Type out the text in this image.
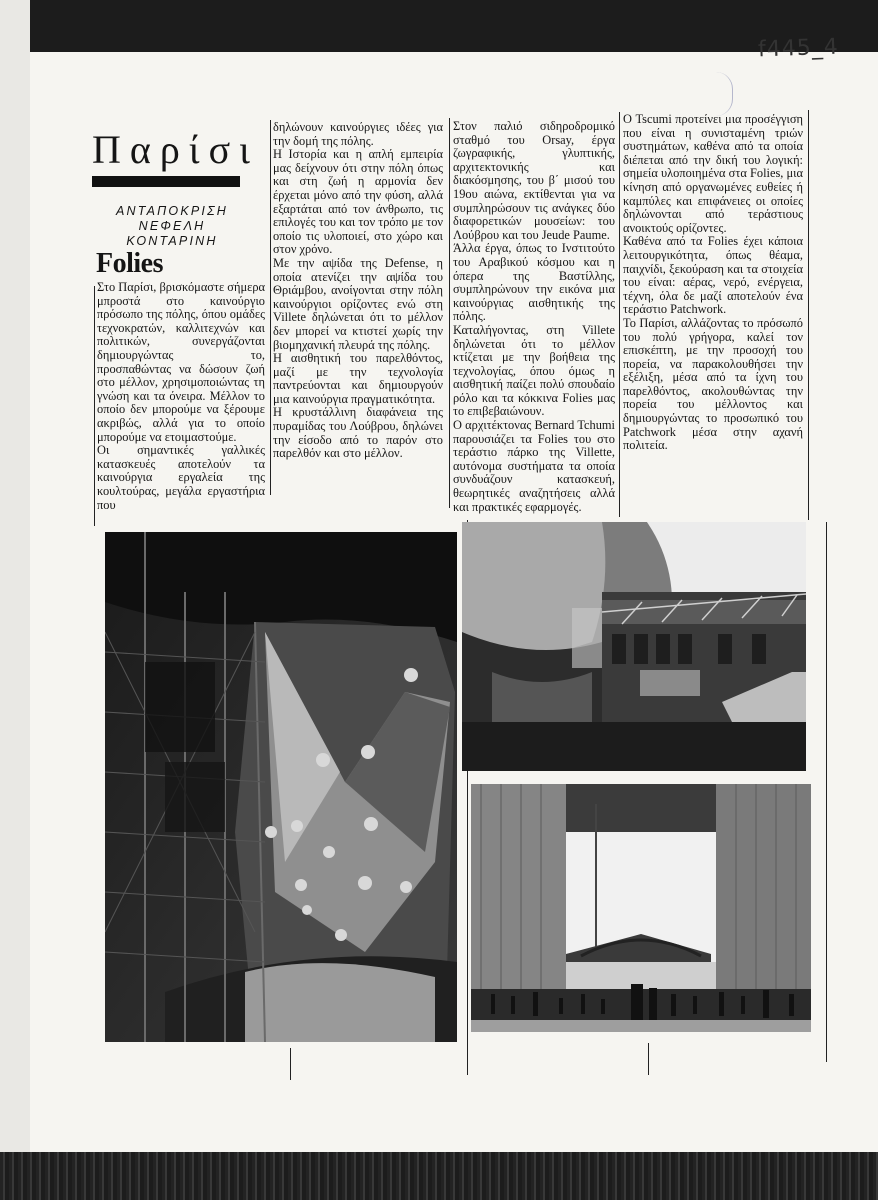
f445_4
Παρίσι
ΑΝΤΑΠΟΚΡΙΣΗ
ΝΕΦΕΛΗ ΚΟΝΤΑΡΙΝΗ
Folies

Στο Παρίσι, βρισκόμαστε σήμερα μπροστά στο καινούργιο πρόσωπο της πόλης, όπου ομάδες τεχνοκρατών, καλλιτεχνών και πολιτικών, συνεργάζονται δημιουργώντας το, προσπαθώντας να δώσουν ζωή στο μέλλον, χρησιμοποιώντας τη γνώση και τα όνειρα. Μέλλον το οποίο δεν μπορούμε να ξέρουμε ακριβώς, αλλά για το οποίο μπορούμε να ετοιμαστούμε.

Οι σημαντικές γαλλικές κατασκευές αποτελούν τα καινούργια εργαλεία της κουλτούρας, μεγάλα εργαστήρια που

δηλώνουν καινούργιες ιδέες για την δομή της πόλης.

Η Ιστορία και η απλή εμπειρία μας δείχνουν ότι στην πόλη όπως και στη ζωή η αρμονία δεν έρχεται μόνο από την φύση, αλλά εξαρτάται από τον άνθρωπο, τις επιλογές του και τον τρόπο με τον οποίο τις υλοποιεί, στο χώρο και στον χρόνο.

Με την αψίδα της Defense, η οποία ατενίζει την αψίδα του Θριάμβου, ανοίγονται στην πόλη καινούργιοι ορίζοντες ενώ στη Villete δηλώνεται ότι το μέλλον δεν μπορεί να κτιστεί χωρίς την βιομηχανική πλευρά της πόλης.

Η αισθητική του παρελθόντος, μαζί με την τεχνολογία παντρεύονται και δημιουργούν μια καινούργια πραγματικότητα.

Η κρυστάλλινη διαφάνεια της πυραμίδας του Λούβρου, δηλώνει την είσοδο από το παρόν στο παρελθόν και στο μέλλον.

Στον παλιό σιδηροδρομικό σταθμό του Orsay, έργα ζωγραφικής, γλυπτικής, αρχιτεκτονικής και διακόσμησης, του β΄ μισού του 19ου αιώνα, εκτίθενται για να συμπληρώσουν τις ανάγκες δύο διαφορετικών μουσείων: του Λούβρου και του Jeude Paume.

Άλλα έργα, όπως το Ινστιτούτο του Αραβικού κόσμου και η όπερα της Βαστίλλης, συμπληρώνουν την εικόνα μια καινούργιας αισθητικής της πόλης.

Καταλήγοντας, στη Villete δηλώνεται ότι το μέλλον κτίζεται με την βοήθεια της τεχνολογίας, όπου όμως η αισθητική παίζει πολύ σπουδαίο ρόλο και τα κόκκινα Folies μας το επιβεβαιώνουν.

Ο αρχιτέκτονας Bernard Tchumi παρουσιάζει τα Folies του στο τεράστιο πάρκο της Villette, αυτόνομα συστήματα τα οποία συνδυάζουν κατασκευή, θεωρητικές αναζητήσεις αλλά και πρακτικές εφαρμογές.

Ο Tscumi προτείνει μια προσέγγιση που είναι η συνισταμένη τριών συστημάτων, καθένα από τα οποία διέπεται από την δική του λογική: σημεία υλοποιημένα στα Folies, μια κίνηση από οργανωμένες ευθείες ή καμπύλες και επιφάνειες οι οποίες δηλώνονται από τεράστιους ανοικτούς ορίζοντες.

Καθένα από τα Folies έχει κάποια λειτουργικότητα, όπως θέαμα, παιχνίδι, ξεκούραση και τα στοιχεία του είναι: αέρας, νερό, ενέργεια, τέχνη, όλα δε μαζί αποτελούν ένα τεράστιο Patchwork.

Το Παρίσι, αλλάζοντας το πρόσωπό του πολύ γρήγορα, καλεί τον επισκέπτη, με την προσοχή του πορεία, να παρακολουθήσει την εξέλιξη, μέσα από τα ίχνη του παρελθόντος, ακολουθώντας την πορεία του μέλλοντος και δημιουργώντας το προσωπικό του Patchwork μέσα στην αχανή πολιτεία.
